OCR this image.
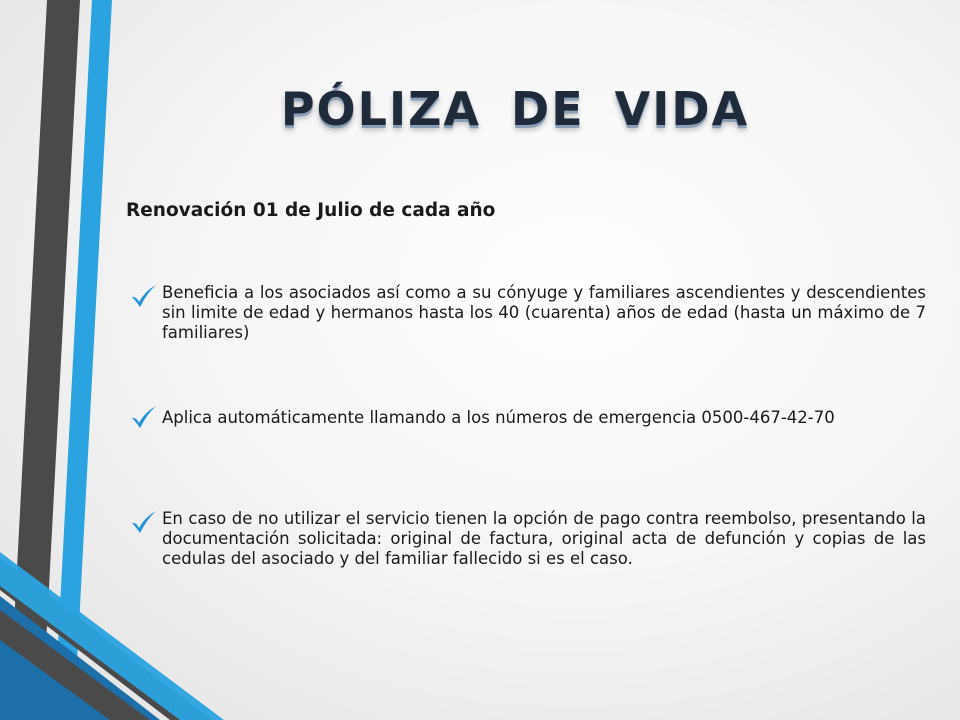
PÓLIZA DE VIDA
Renovación 01 de Julio de cada año

Beneficia a los asociados así como a su cónyuge y familiares ascendientes y descendientes sin limite de edad y hermanos hasta los 40 (cuarenta) años de edad (hasta un máximo de 7 familiares)

Aplica automáticamente llamando a los números de emergencia 0500-467-42-70

En caso de no utilizar el servicio tienen la opción de pago contra reembolso, presentando la documentación solicitada: original de factura, original acta de defunción y copias de las cedulas del asociado y del familiar fallecido si es el caso.
